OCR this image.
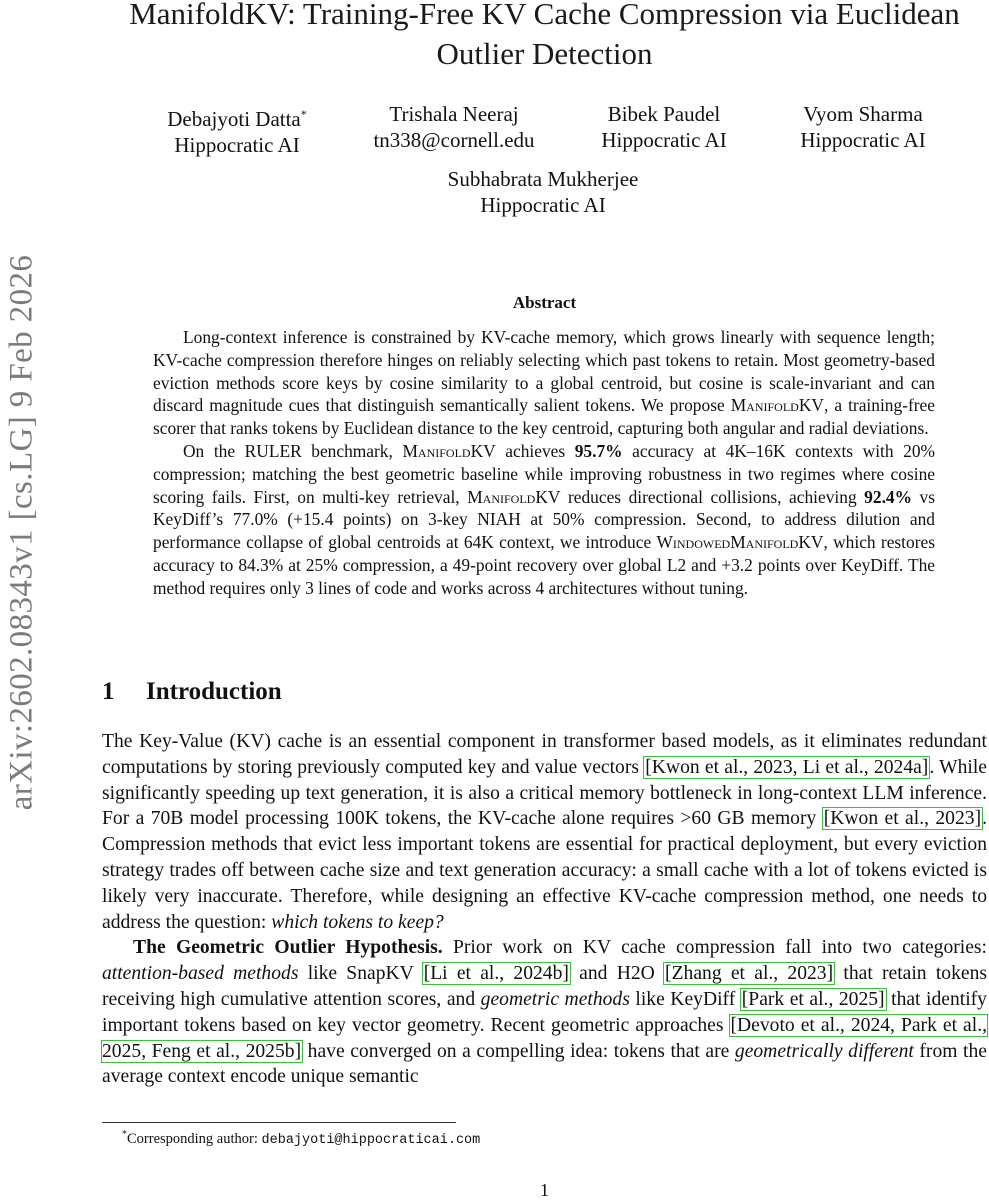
arXiv:2602.08343v1 [cs.LG] 9 Feb 2026
ManifoldKV: Training-Free KV Cache Compression via Euclidean Outlier Detection
Debajyoti Datta*
Hippocratic AI
Trishala Neeraj
tn338@cornell.edu
Bibek Paudel
Hippocratic AI
Vyom Sharma
Hippocratic AI
Subhabrata Mukherjee
Hippocratic AI
Abstract

Long-context inference is constrained by KV-cache memory, which grows linearly with sequence length; KV-cache compression therefore hinges on reliably selecting which past tokens to retain. Most geometry-based eviction methods score keys by cosine similarity to a global centroid, but cosine is scale-invariant and can discard magnitude cues that distinguish semantically salient tokens. We propose ManifoldKV, a training-free scorer that ranks tokens by Euclidean distance to the key centroid, capturing both angular and radial deviations.

On the RULER benchmark, ManifoldKV achieves 95.7% accuracy at 4K–16K contexts with 20% compression; matching the best geometric baseline while improving robustness in two regimes where cosine scoring fails. First, on multi-key retrieval, ManifoldKV reduces directional collisions, achieving 92.4% vs KeyDiff’s 77.0% (+15.4 points) on 3-key NIAH at 50% compression. Second, to address dilution and performance collapse of global centroids at 64K context, we introduce WindowedManifoldKV, which restores accuracy to 84.3% at 25% compression, a 49-point recovery over global L2 and +3.2 points over KeyDiff. The method requires only 3 lines of code and works across 4 architectures without tuning.

1 Introduction

The Key-Value (KV) cache is an essential component in transformer based models, as it eliminates redundant computations by storing previously computed key and value vectors [Kwon et al., 2023, Li et al., 2024a]. While significantly speeding up text generation, it is also a critical memory bottleneck in long-context LLM inference. For a 70B model processing 100K tokens, the KV-cache alone requires >60 GB memory [Kwon et al., 2023]. Compression methods that evict less important tokens are essential for practical deployment, but every eviction strategy trades off between cache size and text generation accuracy: a small cache with a lot of tokens evicted is likely very inaccurate. Therefore, while designing an effective KV-cache compression method, one needs to address the question: which tokens to keep?

The Geometric Outlier Hypothesis. Prior work on KV cache compression fall into two categories: attention-based methods like SnapKV [Li et al., 2024b] and H2O [Zhang et al., 2023] that retain tokens receiving high cumulative attention scores, and geometric methods like KeyDiff [Park et al., 2025] that identify important tokens based on key vector geometry. Recent geometric approaches [Devoto et al., 2024, Park et al., 2025, Feng et al., 2025b] have converged on a compelling idea: tokens that are geometrically different from the average context encode unique semantic

*Corresponding author: debajyoti@hippocraticai.com
1
